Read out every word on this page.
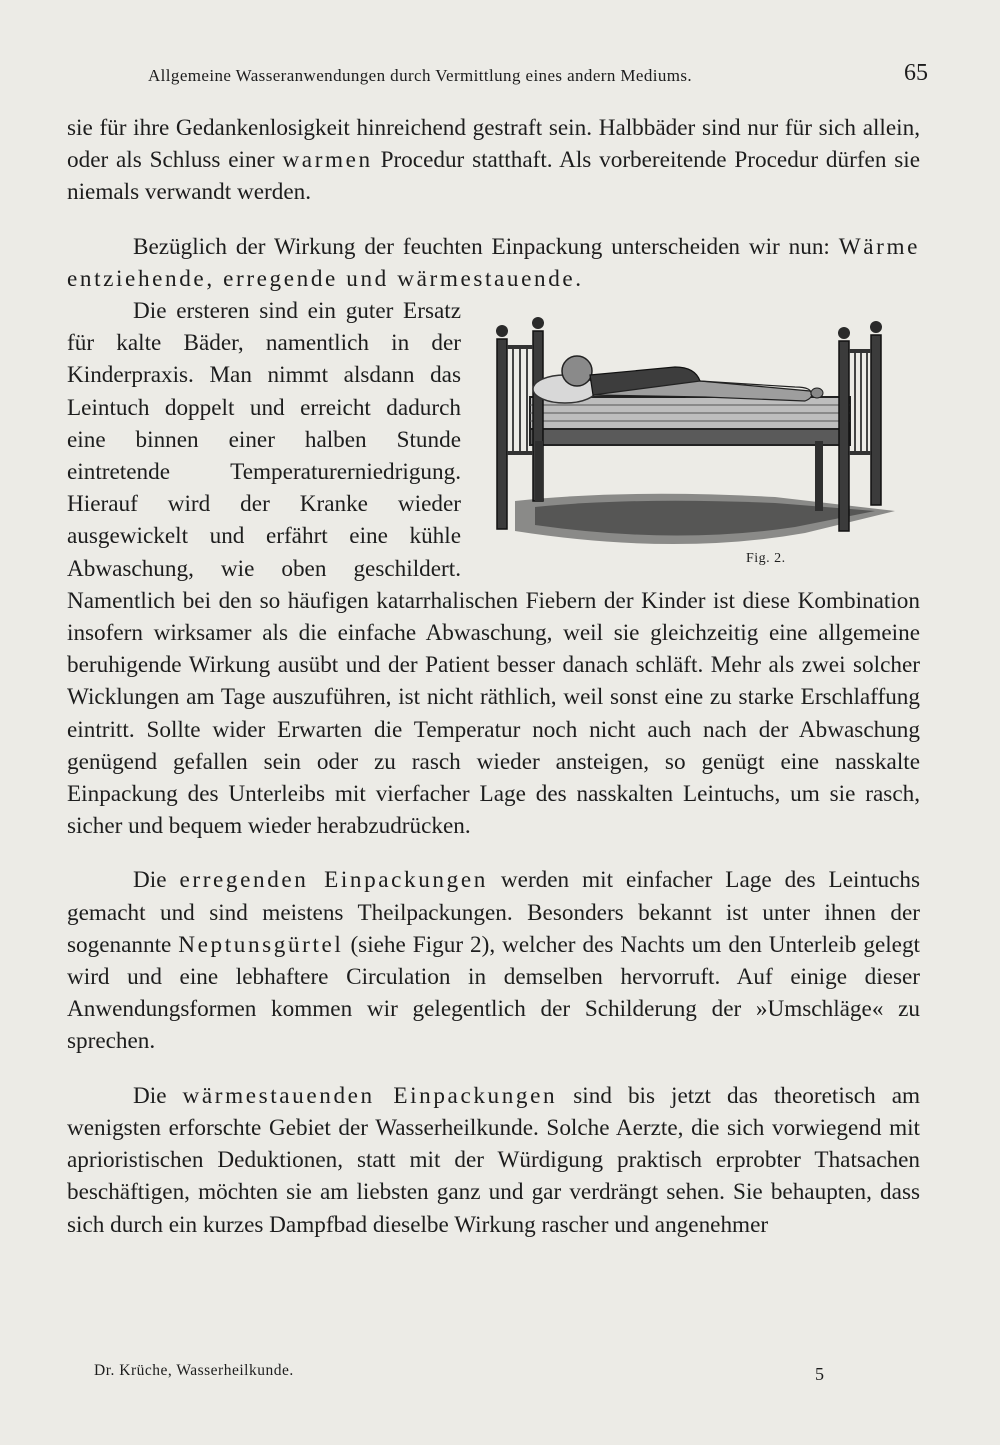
Allgemeine Wasseranwendungen durch Vermittlung eines andern Mediums.	65

sie für ihre Gedankenlosigkeit hinreichend gestraft sein. Halbbäder sind nur für sich allein, oder als Schluss einer warmen Procedur statthaft. Als vorbereitende Procedur dürfen sie niemals verwandt werden.

Bezüglich der Wirkung der feuchten Einpackung unterscheiden wir nun: Wärme entziehende, erregende und wärmestauende.

Fig. 2.
Die ersteren sind ein guter Ersatz für kalte Bäder, namentlich in der Kinderpraxis. Man nimmt alsdann das Leintuch doppelt und erreicht dadurch eine binnen einer halben Stunde eintretende Temperaturerniedrigung. Hierauf wird der Kranke wieder ausgewickelt und erfährt eine kühle Abwaschung, wie oben geschildert. Namentlich bei den so häufigen katarrhalischen Fiebern der Kinder ist diese Kombination insofern wirksamer als die einfache Abwaschung, weil sie gleichzeitig eine allgemeine beruhigende Wirkung ausübt und der Patient besser danach schläft. Mehr als zwei solcher Wicklungen am Tage auszuführen, ist nicht räthlich, weil sonst eine zu starke Erschlaffung eintritt. Sollte wider Erwarten die Temperatur noch nicht auch nach der Abwaschung genügend gefallen sein oder zu rasch wieder ansteigen, so genügt eine nasskalte Einpackung des Unterleibs mit vierfacher Lage des nasskalten Leintuchs, um sie rasch, sicher und bequem wieder herabzudrücken.

Die erregenden Einpackungen werden mit einfacher Lage des Leintuchs gemacht und sind meistens Theilpackungen. Besonders bekannt ist unter ihnen der sogenannte Neptunsgürtel (siehe Figur 2), welcher des Nachts um den Unterleib gelegt wird und eine lebhaftere Circulation in demselben hervorruft. Auf einige dieser Anwendungsformen kommen wir gelegentlich der Schilderung der »Umschläge« zu sprechen.

Die wärmestauenden Einpackungen sind bis jetzt das theoretisch am wenigsten erforschte Gebiet der Wasserheilkunde. Solche Aerzte, die sich vorwiegend mit aprioristischen Deduktionen, statt mit der Würdigung praktisch erprobter Thatsachen beschäftigen, möchten sie am liebsten ganz und gar verdrängt sehen. Sie behaupten, dass sich durch ein kurzes Dampfbad dieselbe Wirkung rascher und angenehmer

Dr. Krüche, Wasserheilkunde.	5
